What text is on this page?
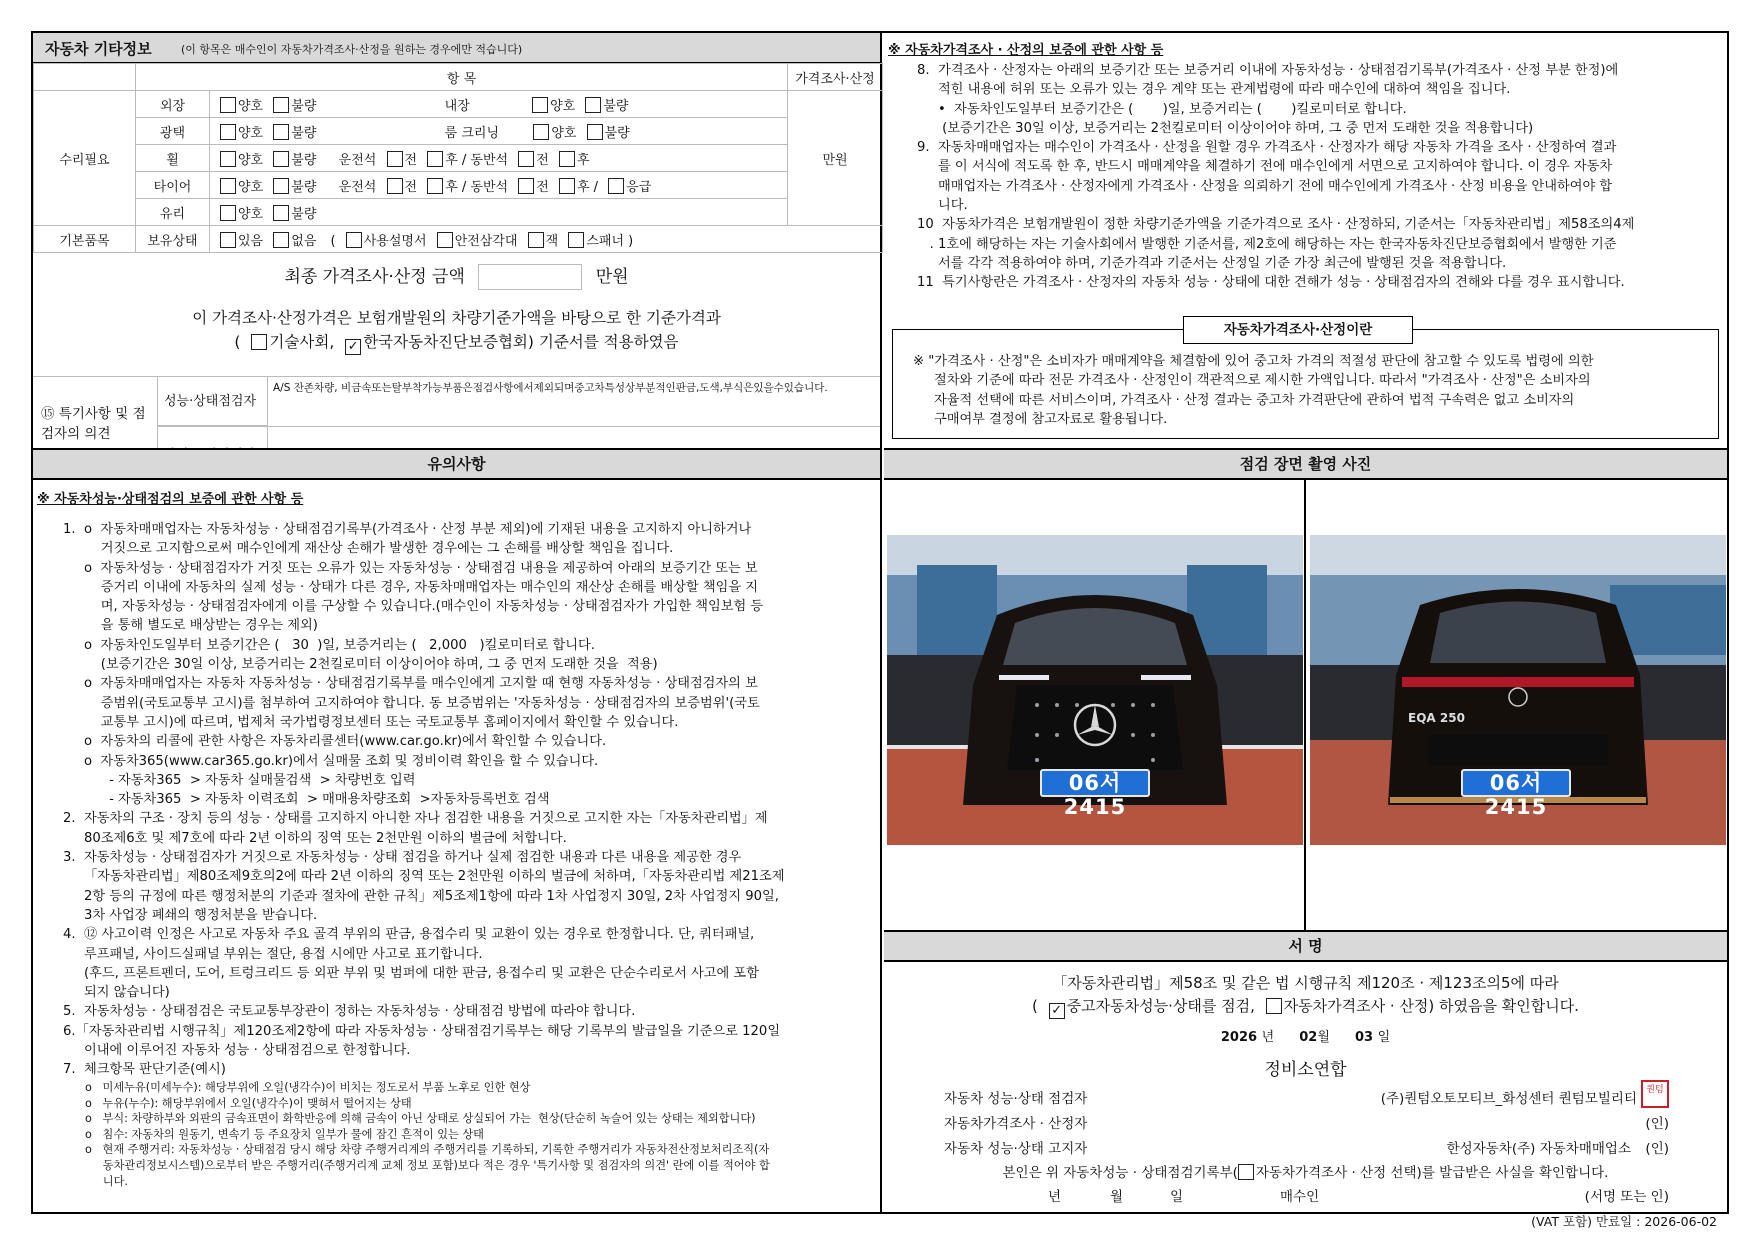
자동차 기타정보	(이 항목은 매수인이 자동차가격조사·산정을 원하는 경우에만 적습니다)
	항 목		가격조사·산정
수리필요	외장	양호 불량 내장 양호 불량	만원
	광택	양호 불량 룸 크리닝 양호 불량	
	휠	양호 불량 운전석 전 후 / 동반석 전 후	
	타이어	양호 불량 운전석 전 후 / 동반석 전 후 / 응급	
	유리	양호 불량	
기본품목	보유상태	있음 없음 ( 사용설명서 안전삼각대 잭 스패너 )	
최종 가격조사·산정 금액	만원
이 가격조사·산정가격은 보험개발원의 차량기준가액을 바탕으로 한 기준가격과
( 기술사회, ✓ 한국자동차진단보증협회) 기준서를 적용하였음
⑮ 특기사항 및 점검자의 의견
성능·상태점검자
A/S 잔존차량, 비금속또는탈부착가능부품은점검사항에서제외되며중고차특성상부분적인판금,도색,부식은있을수있습니다.
유의사항
※ 자동차성능·상태점검의 보증에 관한 사항 등
1.  o  자동차매매업자는 자동차성능 · 상태점검기록부(가격조사 · 산정 부분 제외)에 기재된 내용을 고지하지 아니하거나
거짓으로 고지함으로써 매수인에게 재산상 손해가 발생한 경우에는 그 손해를 배상할 책임을 집니다.
o  자동차성능 · 상태점검자가 거짓 또는 오류가 있는 자동차성능 · 상태점검 내용을 제공하여 아래의 보증기간 또는 보
증거리 이내에 자동차의 실제 성능 · 상태가 다른 경우, 자동차매매업자는 매수인의 재산상 손해를 배상할 책임을 지
며, 자동차성능 · 상태점검자에게 이를 구상할 수 있습니다.(매수인이 자동차성능 · 상태점검자가 가입한 책임보험 등
을 통해 별도로 배상받는 경우는 제외)
o  자동차인도일부터 보증기간은 (   30  )일, 보증거리는 (   2,000   )킬로미터로 합니다.
(보증기간은 30일 이상, 보증거리는 2천킬로미터 이상이어야 하며, 그 중 먼저 도래한 것을  적용)
o  자동차매매업자는 자동차 자동차성능 · 상태점검기록부를 매수인에게 고지할 때 현행 자동차성능 · 상태점검자의 보
증범위(국토교통부 고시)를 첨부하여 고지하여야 합니다. 동 보증범위는 '자동차성능 · 상태점검자의 보증범위'(국토
교통부 고시)에 따르며, 법제처 국가법령정보센터 또는 국토교통부 홈페이지에서 확인할 수 있습니다.
o  자동차의 리콜에 관한 사항은 자동차리콜센터(www.car.go.kr)에서 확인할 수 있습니다.
o  자동차365(www.car365.go.kr)에서 실매물 조회 및 정비이력 확인을 할 수 있습니다.
- 자동차365  > 자동차 실매물검색  > 차량번호 입력
- 자동차365  > 자동차 이력조회  > 매매용차량조회  >자동차등록번호 검색
2.  자동차의 구조 · 장치 등의 성능 · 상태를 고지하지 아니한 자나 점검한 내용을 거짓으로 고지한 자는「자동차관리법」제
80조제6호 및 제7호에 따라 2년 이하의 징역 또는 2천만원 이하의 벌금에 처합니다.
3.  자동차성능 · 상태점검자가 거짓으로 자동차성능 · 상태 점검을 하거나 실제 점검한 내용과 다른 내용을 제공한 경우
「자동차관리법」제80조제9호의2에 따라 2년 이하의 징역 또는 2천만원 이하의 벌금에 처하며,「자동차관리법 제21조제
2항 등의 규정에 따른 행정처분의 기준과 절차에 관한 규칙」제5조제1항에 따라 1차 사업정지 30일, 2차 사업정지 90일,
3차 사업장 폐쇄의 행정처분을 받습니다.
4.  ⑫ 사고이력 인정은 사고로 자동차 주요 골격 부위의 판금, 용접수리 및 교환이 있는 경우로 한정합니다. 단, 쿼터패널,
루프패널, 사이드실패널 부위는 절단, 용접 시에만 사고로 표기합니다.
(후드, 프론트펜더, 도어, 트렁크리드 등 외판 부위 및 범퍼에 대한 판금, 용접수리 및 교환은 단순수리로서 사고에 포함
되지 않습니다)
5.  자동차성능 · 상태점검은 국토교통부장관이 정하는 자동차성능 · 상태점검 방법에 따라야 합니다.
6.「자동차관리법 시행규칙」제120조제2항에 따라 자동차성능 · 상태점검기록부는 해당 기록부의 발급일을 기준으로 120일
이내에 이루어진 자동차 성능 · 상태점검으로 한정합니다.
7.  체크항목 판단기준(예시)
o   미세누유(미세누수): 해당부위에 오일(냉각수)이 비치는 정도로서 부품 노후로 인한 현상
o   누유(누수): 해당부위에서 오일(냉각수)이 맺혀서 떨어지는 상태
o   부식: 차량하부와 외판의 금속표면이 화학반응에 의해 금속이 아닌 상태로 상실되어 가는  현상(단순히 녹슬어 있는 상태는 제외합니다)
o   침수: 자동차의 원동기, 변속기 등 주요장치 일부가 물에 잠긴 흔적이 있는 상태
o   현재 주행거리: 자동차성능 · 상태점검 당시 해당 차량 주행거리계의 주행거리를 기록하되, 기록한 주행거리가 자동차전산정보처리조직(자
동차관리정보시스템)으로부터 받은 주행거리(주행거리계 교체 정보 포함)보다 적은 경우 '특기사항 및 점검자의 의견' 란에 이를 적어야 합
니다.
※ 자동차가격조사 · 산정의 보증에 관한 사항 등
8.  가격조사 · 산정자는 아래의 보증기간 또는 보증거리 이내에 자동차성능 · 상태점검기록부(가격조사 · 산정 부분 한정)에
적힌 내용에 허위 또는 오류가 있는 경우 계약 또는 관계법령에 따라 매수인에 대하여 책임을 집니다.
•  자동차인도일부터 보증기간은 (       )일, 보증거리는 (       )킬로미터로 합니다.
(보증기간은 30일 이상, 보증거리는 2천킬로미터 이상이어야 하며, 그 중 먼저 도래한 것을 적용합니다)
9.  자동차매매업자는 매수인이 가격조사 · 산정을 원할 경우 가격조사 · 산정자가 해당 자동차 가격을 조사 · 산정하여 결과
를 이 서식에 적도록 한 후, 반드시 매매계약을 체결하기 전에 매수인에게 서면으로 고지하여야 합니다. 이 경우 자동차
매매업자는 가격조사 · 산정자에게 가격조사 · 산정을 의뢰하기 전에 매수인에게 가격조사 · 산정 비용을 안내하여야 합
니다.
10  자동차가격은 보험개발원이 정한 차량기준가액을 기준가격으로 조사 · 산정하되, 기준서는「자동차관리법」제58조의4제
. 1호에 해당하는 자는 기술사회에서 발행한 기준서를, 제2호에 해당하는 자는 한국자동차진단보증협회에서 발행한 기준
서를 각각 적용하여야 하며, 기준가격과 기준서는 산정일 기준 가장 최근에 발행된 것을 적용합니다.
11  특기사항란은 가격조사 · 산정자의 자동차 성능 · 상태에 대한 견해가 성능 · 상태점검자의 견해와 다를 경우 표시합니다.
자동차가격조사·산정이란
※ "가격조사 · 산정"은 소비자가 매매계약을 체결함에 있어 중고차 가격의 적절성 판단에 참고할 수 있도록 법령에 의한
절차와 기준에 따라 전문 가격조사 · 산정인이 객관적으로 제시한 가액입니다. 따라서 "가격조사 · 산정"은 소비자의
자율적 선택에 따른 서비스이며, 가격조사 · 산정 결과는 중고차 가격판단에 관하여 법적 구속력은 없고 소비자의
구매여부 결정에 참고자료로 활용됩니다.
점검 장면 촬영 사진
06서 2415
EQA 250
06서 2415
서 명
「자동차관리법」제58조 및 같은 법 시행규칙 제120조 · 제123조의5에 따라
( ✓ 중고자동차성능·상태를 점검, 자동차가격조사 · 산정) 하였음을 확인합니다.
2026 년 02월 03 일
정비소연합
자동차 성능·상태 점검자	(주)퀀텀오토모티브_화성센터 퀀텀모빌리티
퀀텀
자동차가격조사 · 산정자	(인)
자동차 성능·상태 고지자	한성자동차(주) 자동차매매업소 (인)
본인은 위 자동차성능 · 상태점검기록부( 자동차가격조사 · 산정 선택)를 발급받은 사실을 확인합니다.
년	월	일	매수인	(서명 또는 인)
(VAT 포함) 만료일 : 2026-06-02
